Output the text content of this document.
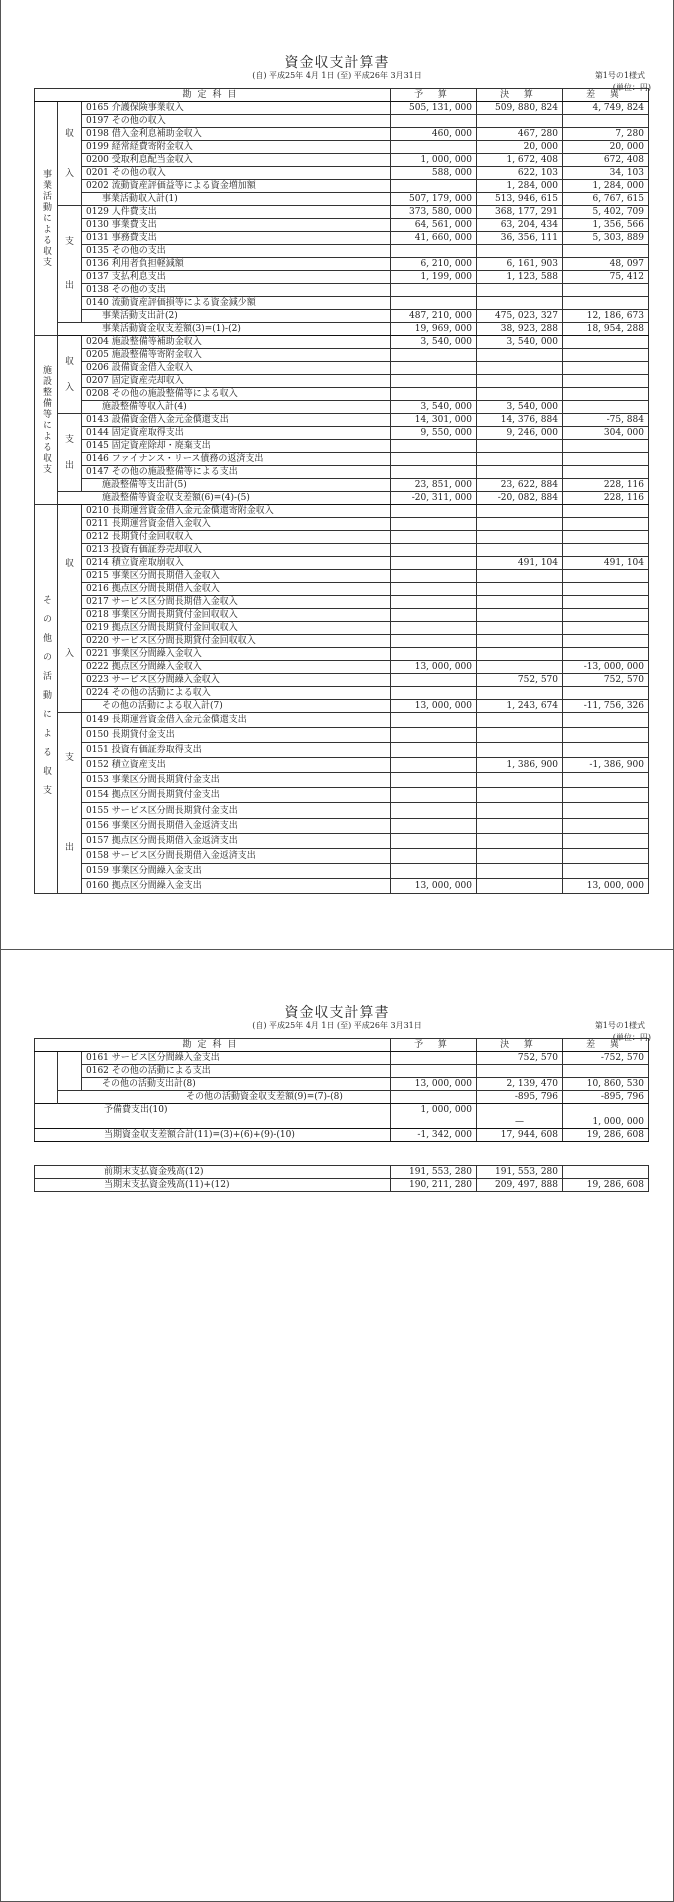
資金収支計算書
(自) 平成25年 4月 1日 (至) 平成26年 3月31日	第1号の1様式
(単位：円)
勘定科目			予 算	決 算	差 異

事業活動による収支	収
入	0165 介護保険事業収入	505, 131, 000	509, 880, 824	4, 749, 824
		0197 その他の収入			
		0198 借入金利息補助金収入	460, 000	467, 280	7, 280
		0199 経常経費寄附金収入		20, 000	20, 000
		0200 受取利息配当金収入	1, 000, 000	1, 672, 408	672, 408
		0201 その他の収入	588, 000	622, 103	34, 103
		0202 流動資産評価益等による資金増加額		1, 284, 000	1, 284, 000
		事業活動収入計(1)	507, 179, 000	513, 946, 615	6, 767, 615

	支
出	0129 人件費支出	373, 580, 000	368, 177, 291	5, 402, 709
		0130 事業費支出	64, 561, 000	63, 204, 434	1, 356, 566
		0131 事務費支出	41, 660, 000	36, 356, 111	5, 303, 889
		0135 その他の支出			
		0136 利用者負担軽減額	6, 210, 000	6, 161, 903	48, 097
		0137 支払利息支出	1, 199, 000	1, 123, 588	75, 412
		0138 その他の支出			
		0140 流動資産評価損等による資金減少額			
		事業活動支出計(2)	487, 210, 000	475, 023, 327	12, 186, 673
	事業活動資金収支差額(3)=(1)-(2)		19, 969, 000	38, 923, 288	18, 954, 288

施設整備等による収支	収
入	0204 施設整備等補助金収入	3, 540, 000	3, 540, 000	
		0205 施設整備等寄附金収入			
		0206 設備資金借入金収入			
		0207 固定資産売却収入			
		0208 その他の施設整備等による収入			
		施設整備等収入計(4)	3, 540, 000	3, 540, 000	

	支
出	0143 設備資金借入金元金償還支出	14, 301, 000	14, 376, 884	-75, 884
		0144 固定資産取得支出	9, 550, 000	9, 246, 000	304, 000
		0145 固定資産除却・廃棄支出			
		0146 ファイナンス・リース債務の返済支出			
		0147 その他の施設整備等による支出			
		施設整備等支出計(5)	23, 851, 000	23, 622, 884	228, 116
	施設整備等資金収支差額(6)=(4)-(5)		-20, 311, 000	-20, 082, 884	228, 116

その他の活動による収支	収
入	0210 長期運営資金借入金元金償還寄附金収入			
		0211 長期運営資金借入金収入			
		0212 長期貸付金回収収入			
		0213 投資有価証券売却収入			
		0214 積立資産取崩収入		491, 104	491, 104
		0215 事業区分間長期借入金収入			
		0216 拠点区分間長期借入金収入			
		0217 サービス区分間長期借入金収入			
		0218 事業区分間長期貸付金回収収入			
		0219 拠点区分間長期貸付金回収収入			
		0220 サービス区分間長期貸付金回収収入			
		0221 事業区分間繰入金収入			
		0222 拠点区分間繰入金収入	13, 000, 000		-13, 000, 000
		0223 サービス区分間繰入金収入		752, 570	752, 570
		0224 その他の活動による収入			
		その他の活動による収入計(7)	13, 000, 000	1, 243, 674	-11, 756, 326

	支
出	0149 長期運営資金借入金元金償還支出			
		0150 長期貸付金支出			
		0151 投資有価証券取得支出			
		0152 積立資産支出		1, 386, 900	-1, 386, 900
		0153 事業区分間長期貸付金支出			
		0154 拠点区分間長期貸付金支出			
		0155 サービス区分間長期貸付金支出			
		0156 事業区分間長期借入金返済支出			
		0157 拠点区分間長期借入金返済支出			
		0158 サービス区分間長期借入金返済支出			
		0159 事業区分間繰入金支出			
		0160 拠点区分間繰入金支出	13, 000, 000		13, 000, 000
資金収支計算書
(自) 平成25年 4月 1日 (至) 平成26年 3月31日	第1号の1様式
(単位：円)
勘定科目			予 算	決 算	差 異
		0161 サービス区分間繰入金支出		752, 570	-752, 570
		0162 その他の活動による支出			
		その他の活動支出計(8)	13, 000, 000	2, 139, 470	10, 860, 530
	その他の活動資金収支差額(9)=(7)-(8)			-895, 796	-895, 796
予備費支出(10)			1, 000, 000	—	1, 000, 000
当期資金収支差額合計(11)=(3)+(6)+(9)-(10)			-1, 342, 000	17, 944, 608	19, 286, 608
前期末支払資金残高(12)	191, 553, 280	191, 553, 280	
当期末支払資金残高(11)+(12)	190, 211, 280	209, 497, 888	19, 286, 608
